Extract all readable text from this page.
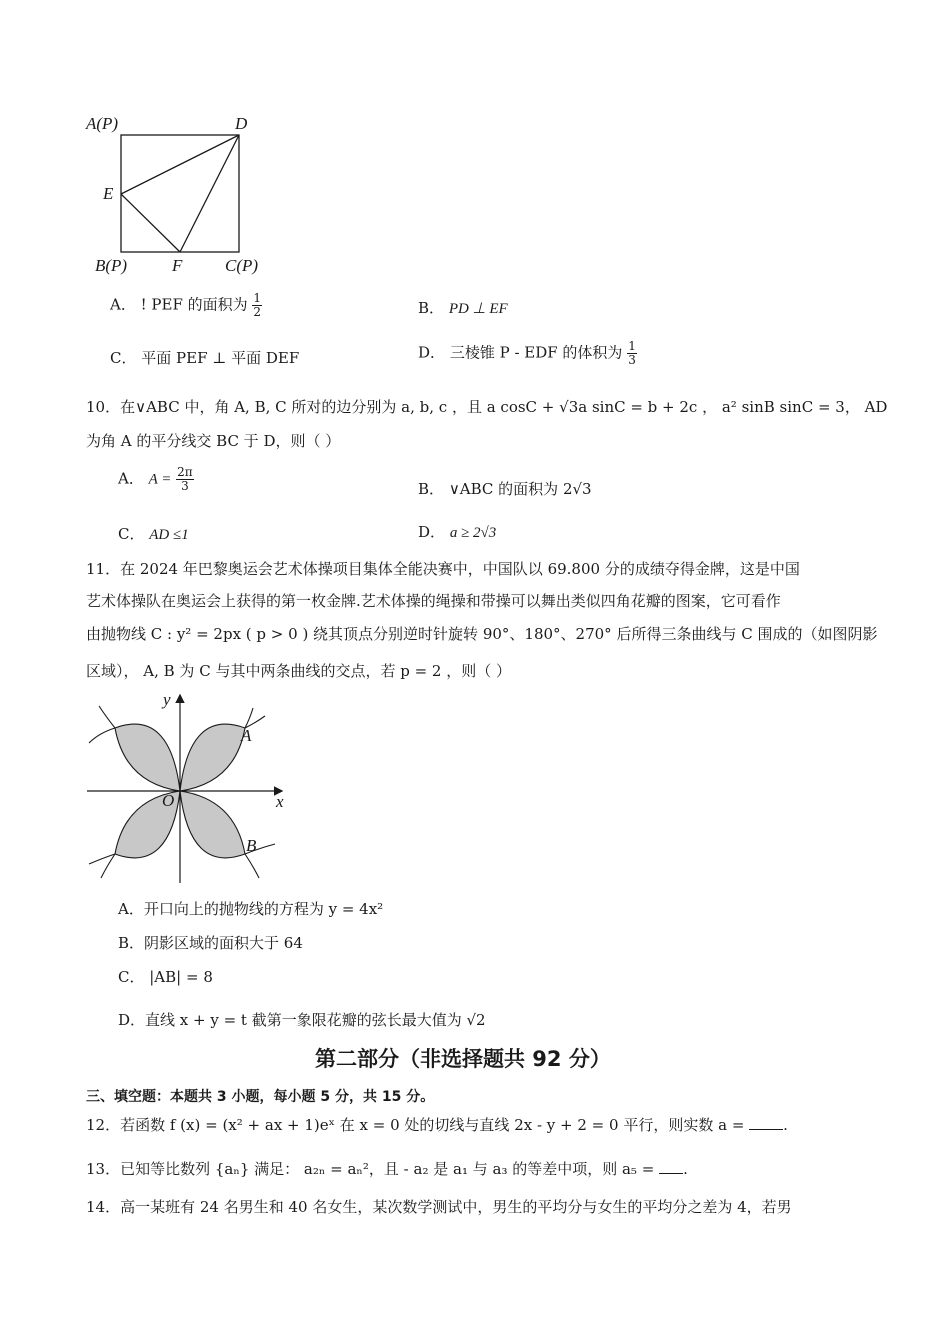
A(P)	D
E
B(P)	F	C(P)
A． ! PEF 的面积为 $\frac{1}{2}$	B． PD ⊥ EF
C． 平面 PEF ⊥ 平面 DEF	D． 三棱锥 P - EDF 的体积为 $\frac{1}{3}$
10．在∨ABC 中，角 A, B, C 所对的边分别为 a, b, c ，且 a cosC + √3a sinC = b + 2c ， a² sinB sinC = 3， AD
为角 A 的平分线交 BC 于 D，则（ ）
A． $A = \frac{2\pi}{3}$	B． ∨ABC 的面积为 2√3
C． AD ≤1	D． a ≥ 2√3
11．在 2024 年巴黎奥运会艺术体操项目集体全能决赛中，中国队以 69.800 分的成绩夺得金牌，这是中国
艺术体操队在奥运会上获得的第一枚金牌.艺术体操的绳操和带操可以舞出类似四角花瓣的图案，它可看作
由抛物线 C : y² = 2px ( p > 0 ) 绕其顶点分别逆时针旋转 90°、180°、270° 后所得三条曲线与 C 围成的（如图阴影
区域）， A, B 为 C 与其中两条曲线的交点，若 p = 2 ，则（ ）
y
x
O
A
B
A．开口向上的抛物线的方程为 y = 4x²
B．阴影区域的面积大于 64
C． |AB| = 8
D．直线 x + y = t 截第一象限花瓣的弦长最大值为 √2
第二部分（非选择题共 92 分）
三、填空题：本题共 3 小题，每小题 5 分，共 15 分。
12．若函数 f (x) = (x² + ax + 1)eˣ 在 x = 0 处的切线与直线 2x - y + 2 = 0 平行，则实数 a =	.
13．已知等比数列 {aₙ} 满足： a₂ₙ = aₙ²，且 - a₂ 是 a₁ 与 a₃ 的等差中项，则 a₅ = .
14．高一某班有 24 名男生和 40 名女生，某次数学测试中，男生的平均分与女生的平均分之差为 4，若男
